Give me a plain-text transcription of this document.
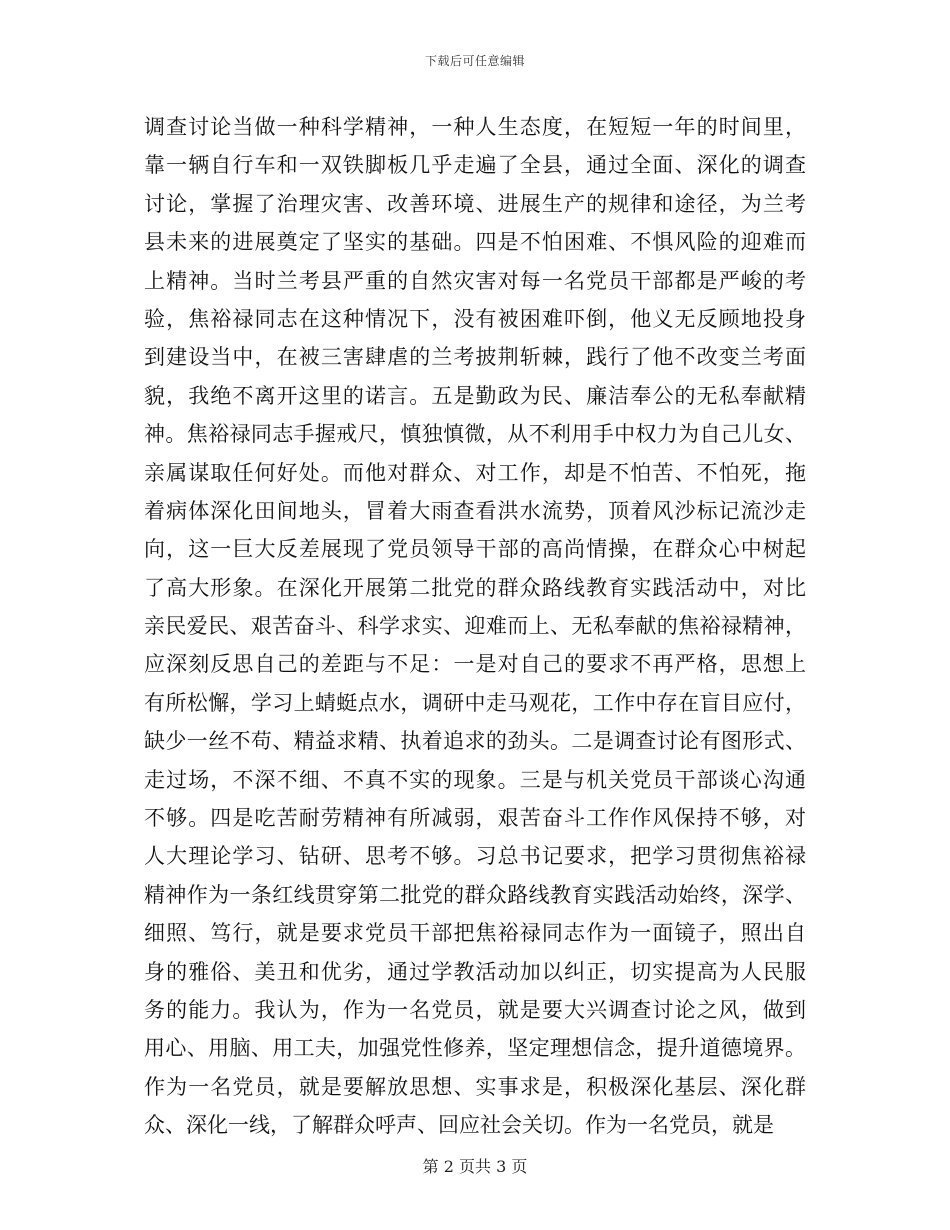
下载后可任意编辑
调查讨论当做一种科学精神，一种人生态度，在短短一年的时间里，
靠一辆自行车和一双铁脚板几乎走遍了全县，通过全面、深化的调查
讨论，掌握了治理灾害、改善环境、进展生产的规律和途径，为兰考
县未来的进展奠定了坚实的基础。四是不怕困难、不惧风险的迎难而
上精神。当时兰考县严重的自然灾害对每一名党员干部都是严峻的考
验，焦裕禄同志在这种情况下，没有被困难吓倒，他义无反顾地投身
到建设当中，在被三害肆虐的兰考披荆斩棘，践行了他不改变兰考面
貌，我绝不离开这里的诺言。五是勤政为民、廉洁奉公的无私奉献精
神。焦裕禄同志手握戒尺，慎独慎微，从不利用手中权力为自己儿女、
亲属谋取任何好处。而他对群众、对工作，却是不怕苦、不怕死，拖
着病体深化田间地头，冒着大雨查看洪水流势，顶着风沙标记流沙走
向，这一巨大反差展现了党员领导干部的高尚情操，在群众心中树起
了高大形象。在深化开展第二批党的群众路线教育实践活动中，对比
亲民爱民、艰苦奋斗、科学求实、迎难而上、无私奉献的焦裕禄精神，
应深刻反思自己的差距与不足：一是对自己的要求不再严格，思想上
有所松懈，学习上蜻蜓点水，调研中走马观花，工作中存在盲目应付，
缺少一丝不苟、精益求精、执着追求的劲头。二是调查讨论有图形式、
走过场，不深不细、不真不实的现象。三是与机关党员干部谈心沟通
不够。四是吃苦耐劳精神有所减弱，艰苦奋斗工作作风保持不够，对
人大理论学习、钻研、思考不够。习总书记要求，把学习贯彻焦裕禄
精神作为一条红线贯穿第二批党的群众路线教育实践活动始终，深学、
细照、笃行，就是要求党员干部把焦裕禄同志作为一面镜子，照出自
身的雅俗、美丑和优劣，通过学教活动加以纠正，切实提高为人民服
务的能力。我认为，作为一名党员，就是要大兴调查讨论之风，做到
用心、用脑、用工夫，加强党性修养，坚定理想信念，提升道德境界。
作为一名党员，就是要解放思想、实事求是，积极深化基层、深化群
众、深化一线，了解群众呼声、回应社会关切。作为一名党员，就是
第 2 页共 3 页
